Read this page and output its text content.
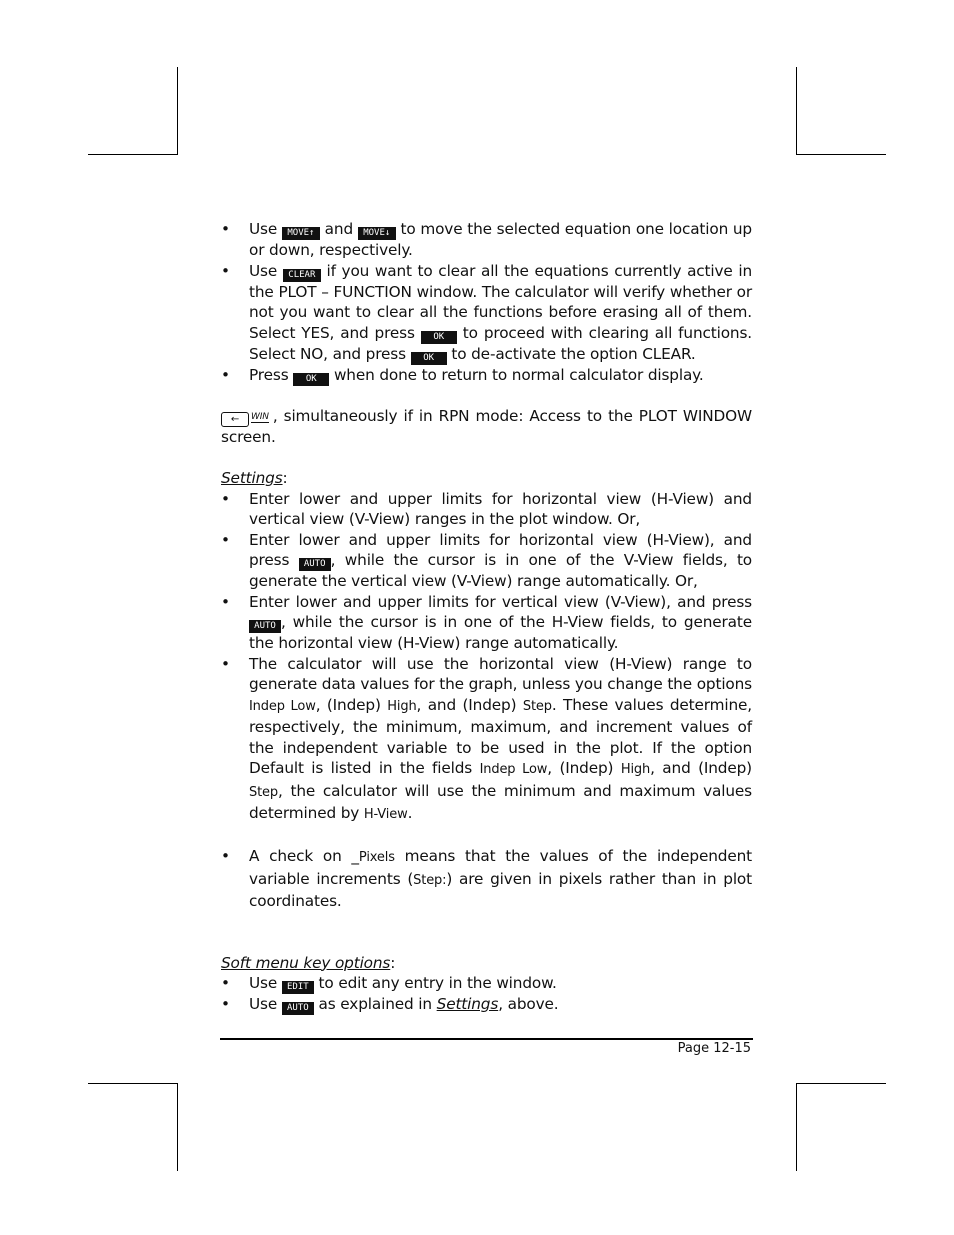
• Use MOVE↑ and MOVE↓ to move the selected equation one location up or down, respectively.
• Use CLEAR if you want to clear all the equations currently active in the PLOT – FUNCTION window. The calculator will verify whether or not you want to clear all the functions before erasing all of them. Select YES, and press OK to proceed with clearing all functions. Select NO, and press OK to de-activate the option CLEAR.
• Press OK when done to return to normal calculator display.

← WIN , simultaneously if in RPN mode: Access to the PLOT WINDOW screen.

Settings:

• Enter lower and upper limits for horizontal view (H-View) and vertical view (V-View) ranges in the plot window. Or,
• Enter lower and upper limits for horizontal view (H-View), and press AUTO , while the cursor is in one of the V-View fields, to generate the vertical view (V-View) range automatically. Or,
• Enter lower and upper limits for vertical view (V-View), and press AUTO , while the cursor is in one of the H-View fields, to generate the horizontal view (H-View) range automatically.
• The calculator will use the horizontal view (H-View) range to generate data values for the graph, unless you change the options Indep Low, (Indep) High, and (Indep) Step. These values determine, respectively, the minimum, maximum, and increment values of the independent variable to be used in the plot. If the option Default is listed in the fields Indep Low, (Indep) High, and (Indep) Step, the calculator will use the minimum and maximum values determined by H-View.
• A check on _Pixels means that the values of the independent variable increments (Step:) are given in pixels rather than in plot coordinates.

Soft menu key options:

• Use EDIT to edit any entry in the window.
• Use AUTO as explained in Settings, above.
Page 12-15
